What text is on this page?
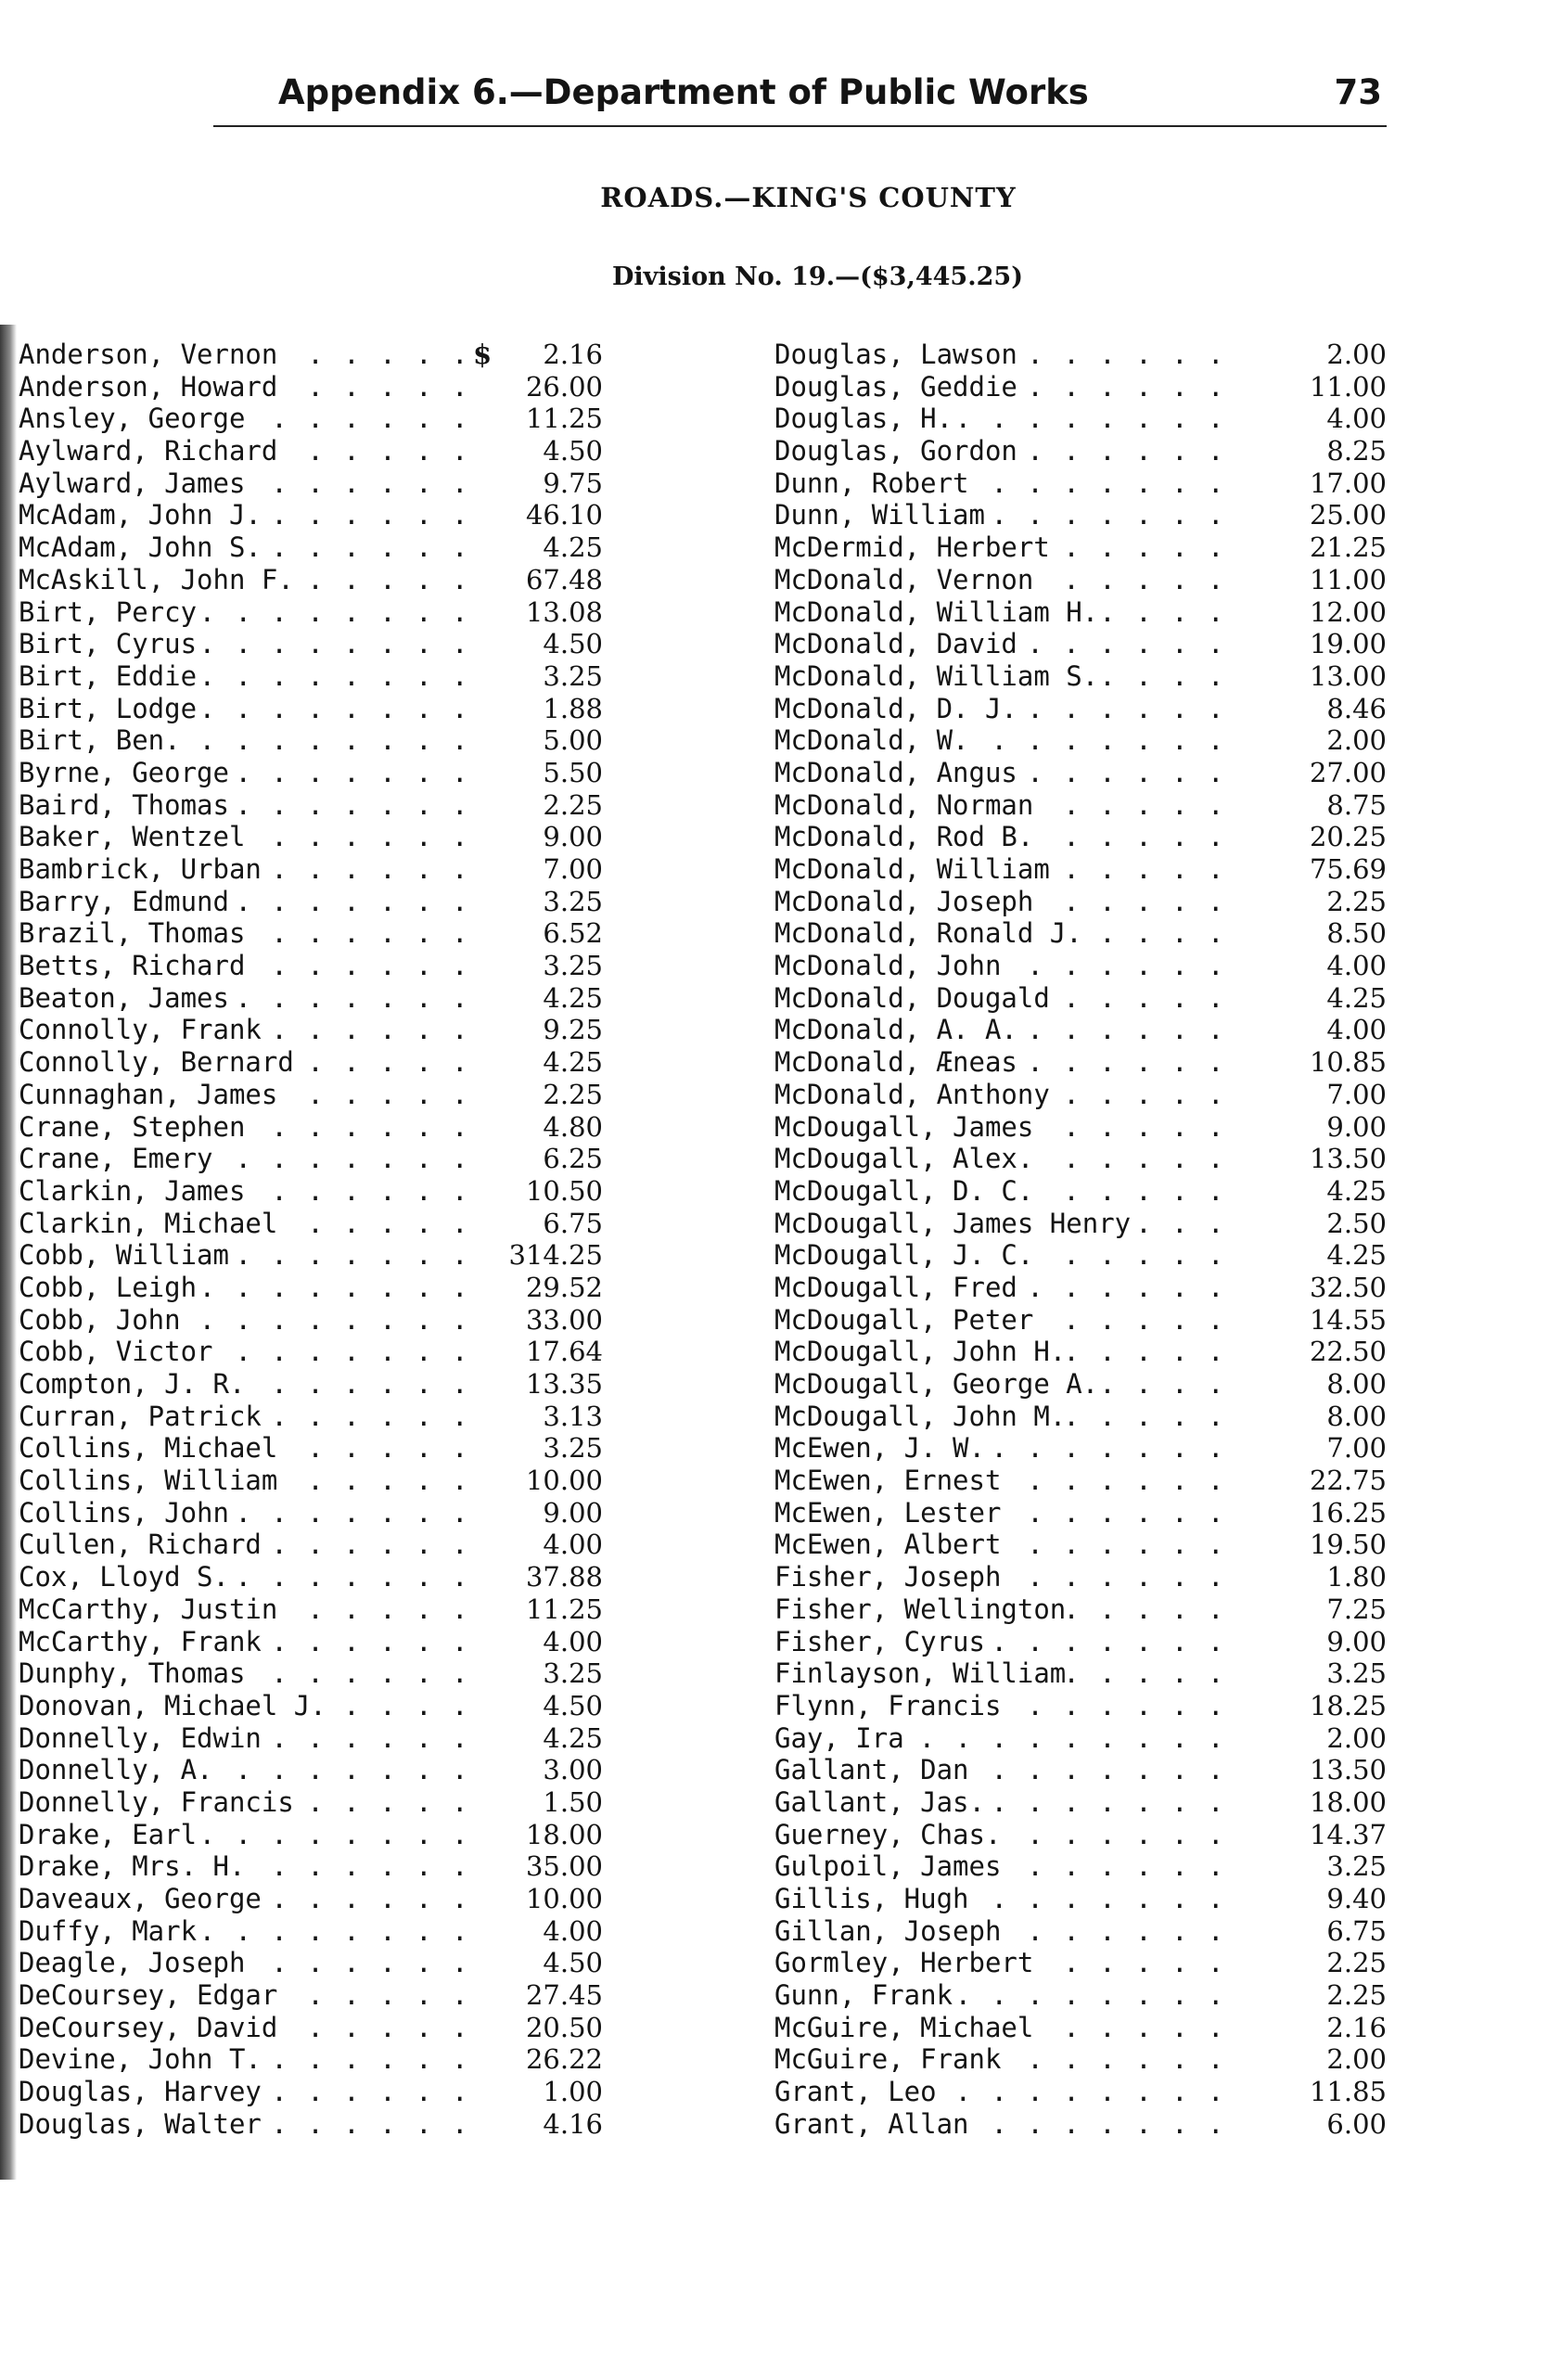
Appendix 6.—Department of Public Works	73
ROADS.—KING'S COUNTY
Division No. 19.—($3,445.25)
Anderson, Vernon . . .	$	2.16
Anderson, Howard . . .	26.00
Ansley, George . . .	11.25
Aylward, Richard . . .	4.50
Aylward, James . . .	9.75
McAdam, John J. . . .	46.10
McAdam, John S. . . .	4.25
McAskill, John F. . . .	67.48
Birt, Percy . . .	13.08
Birt, Cyrus . . .	4.50
Birt, Eddie . . .	3.25
Birt, Lodge . . .	1.88
Birt, Ben. . . .	5.00
Byrne, George . . .	5.50
Baird, Thomas . . .	2.25
Baker, Wentzel . . .	9.00
Bambrick, Urban . . .	7.00
Barry, Edmund . . .	3.25
Brazil, Thomas . . .	6.52
Betts, Richard . . .	3.25
Beaton, James . . .	4.25
Connolly, Frank . . .	9.25
Connolly, Bernard . . .	4.25
Cunnaghan, James . . .	2.25
Crane, Stephen . . .	4.80
Crane, Emery . . .	6.25
Clarkin, James . . .	10.50
Clarkin, Michael . . .	6.75
Cobb, William . . .	314.25
Cobb, Leigh . . .	29.52
Cobb, John . . .	33.00
Cobb, Victor . . .	17.64
Compton, J. R. . . .	13.35
Curran, Patrick . . .	3.13
Collins, Michael . . .	3.25
Collins, William . . .	10.00
Collins, John . . .	9.00
Cullen, Richard . . .	4.00
Cox, Lloyd S. . . .	37.88
McCarthy, Justin . . .	11.25
McCarthy, Frank . . .	4.00
Dunphy, Thomas . . .	3.25
Donovan, Michael J. . . .	4.50
Donnelly, Edwin . . .	4.25
Donnelly, A. . . .	3.00
Donnelly, Francis . . .	1.50
Drake, Earl . . .	18.00
Drake, Mrs. H. . . .	35.00
Daveaux, George . . .	10.00
Duffy, Mark . . .	4.00
Deagle, Joseph . . .	4.50
DeCoursey, Edgar . . .	27.45
DeCoursey, David . . .	20.50
Devine, John T. . . .	26.22
Douglas, Harvey . . .	1.00
Douglas, Walter . . .	4.16
Douglas, Lawson . . .	2.00
Douglas, Geddie . . .	11.00
Douglas, H. . . .	4.00
Douglas, Gordon . . .	8.25
Dunn, Robert . . .	17.00
Dunn, William . . .	25.00
McDermid, Herbert . . .	21.25
McDonald, Vernon . . .	11.00
McDonald, William H. . . .	12.00
McDonald, David . . .	19.00
McDonald, William S. . . .	13.00
McDonald, D. J. . . .	8.46
McDonald, W. . . .	2.00
McDonald, Angus . . .	27.00
McDonald, Norman . . .	8.75
McDonald, Rod B. . . .	20.25
McDonald, William . . .	75.69
McDonald, Joseph . . .	2.25
McDonald, Ronald J. . . .	8.50
McDonald, John . . .	4.00
McDonald, Dougald . . .	4.25
McDonald, A. A. . . .	4.00
McDonald, Æneas . . .	10.85
McDonald, Anthony . . .	7.00
McDougall, James . . .	9.00
McDougall, Alex. . . .	13.50
McDougall, D. C. . . .	4.25
McDougall, James Henry . . .	2.50
McDougall, J. C. . . .	4.25
McDougall, Fred . . .	32.50
McDougall, Peter . . .	14.55
McDougall, John H. . . .	22.50
McDougall, George A. . . .	8.00
McDougall, John M. . . .	8.00
McEwen, J. W. . . .	7.00
McEwen, Ernest . . .	22.75
McEwen, Lester . . .	16.25
McEwen, Albert . . .	19.50
Fisher, Joseph . . .	1.80
Fisher, Wellington . . .	7.25
Fisher, Cyrus . . .	9.00
Finlayson, William . . .	3.25
Flynn, Francis . . .	18.25
Gay, Ira . . .	2.00
Gallant, Dan . . .	13.50
Gallant, Jas. . . .	18.00
Guerney, Chas. . . .	14.37
Gulpoil, James . . .	3.25
Gillis, Hugh . . .	9.40
Gillan, Joseph . . .	6.75
Gormley, Herbert . . .	2.25
Gunn, Frank . . .	2.25
McGuire, Michael . . .	2.16
McGuire, Frank . . .	2.00
Grant, Leo . . .	11.85
Grant, Allan . . .	6.00
